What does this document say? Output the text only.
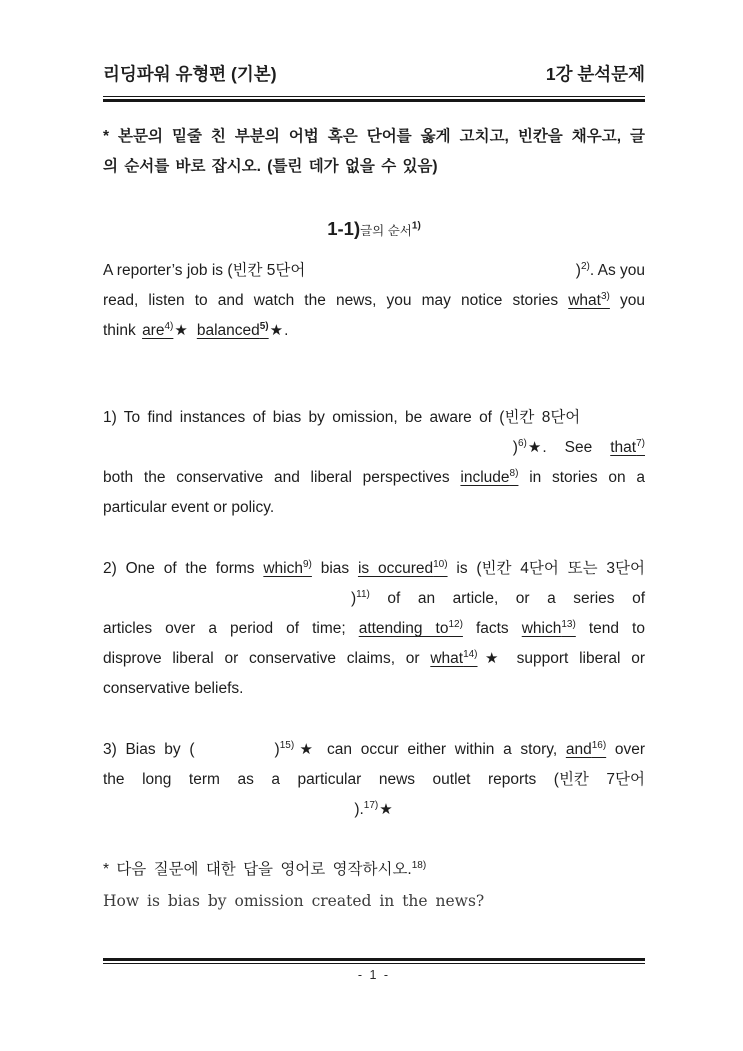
리딩파워 유형편 (기본)	1강 분석문제
* 본문의 밑줄 친 부분의 어법 혹은 단어를 옳게 고치고, 빈칸을 채우고, 글
의 순서를 바로 잡시오. (틀린 데가 없을 수 있음)
1-1)글의 순서$^{1)}$
A reporter’s job is (빈칸 5단어	)$^{2)}$ . As you
read, listen to and watch the news, you may notice stories what$^{3)}$ you
think are$^{4)}$★ balanced$^{5)}$★.
1) To find instances of bias by omission, be aware of (빈칸 8단어
)$^{6)}$★. See that$^{7)}$
both the conservative and liberal perspectives include$^{8)}$ in stories on a
particular event or policy.
2) One of the forms which$^{9)}$ bias is occured$^{10)}$ is (빈칸 4단어 또는 3단어
)$^{11)}$ of an article, or a series of
articles over a period of time; attending $to^{12)}$ facts which$^{13)}$ tend to
disprove liberal or conservative claims, or what$^{14)}$★ support liberal or
conservative beliefs.
3) Bias by (	)$^{15)}$★ can occur either within a story, and$^{16)}$ over
the long term as a particular news outlet reports (빈칸 7단어
).$^{17)}$★
* 다음 질문에 대한 답을 영어로 영작하시오.$^{18)}$
How is bias by omission created in the news?
- 1 -
